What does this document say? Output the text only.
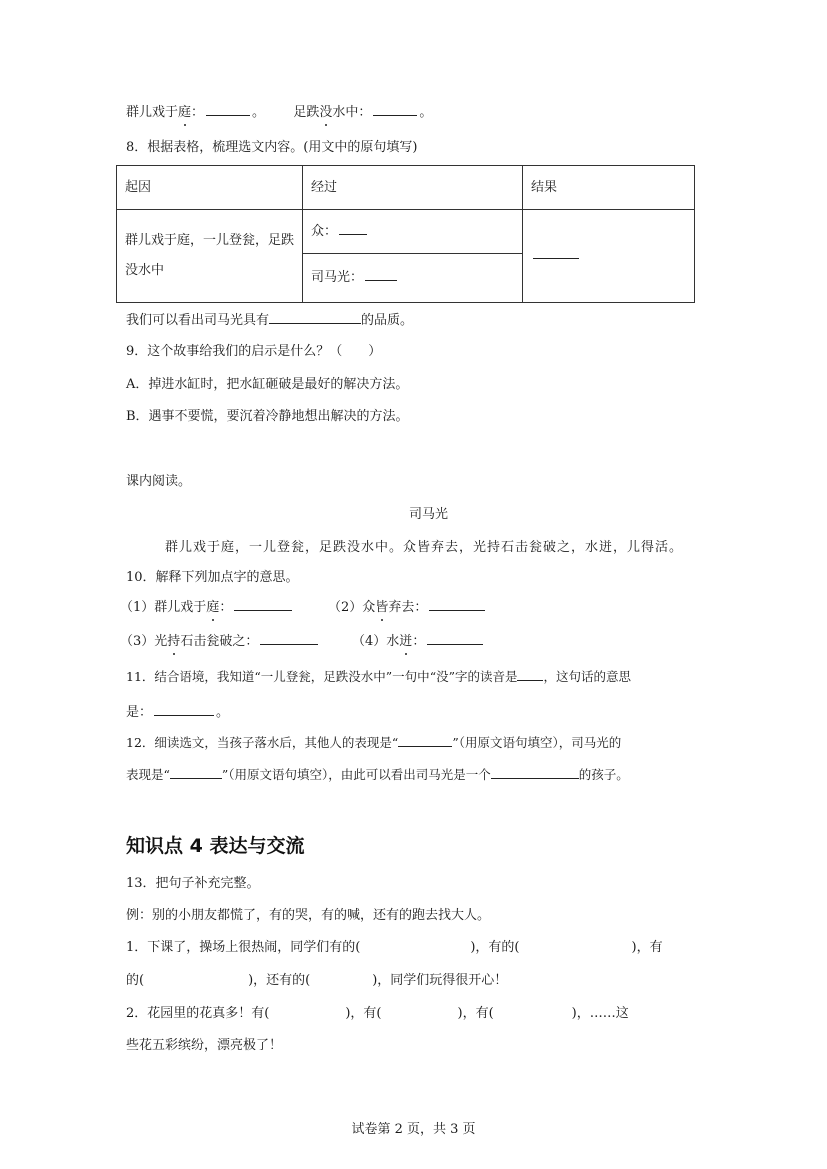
群儿戏于庭：	。 足跌没水中：	。
8．根据表格，梳理选文内容。(用文中的原句填写)
起因	经过	结果
群儿戏于庭，一儿登瓮，足跌没水中	众：	
	司马光：	
我们可以看出司马光具有	的品质。
9．这个故事给我们的启示是什么？（　　）
A．掉进水缸时，把水缸砸破是最好的解决方法。
B．遇事不要慌，要沉着冷静地想出解决的方法。
课内阅读。
司马光
群儿戏于庭，一儿登瓮，足跌没水中。众皆弃去，光持石击瓮破之，水迸，儿得活。
10．解释下列加点字的意思。
（1）群儿戏于庭：	（2）众皆弃去：
（3）光持石击瓮破之：	（4）水迸：
11．结合语境，我知道“一儿登瓮，足跌没水中”一句中“没”字的读音是 ，这句话的意思
是：	。
12．细读选文，当孩子落水后，其他人的表现是“	”（用原文语句填空），司马光的
表现是“	”（用原文语句填空），由此可以看出司马光是一个	的孩子。
知识点 4 表达与交流
13．把句子补充完整。
例：别的小朋友都慌了，有的哭，有的喊，还有的跑去找大人。
1．下课了，操场上很热闹，同学们有的(	)，有的(	)，有
的(	)，还有的(	)，同学们玩得很开心！
2．花园里的花真多！有(	)，有(	)，有(	)，……这
些花五彩缤纷，漂亮极了！
试卷第 2 页，共 3 页
